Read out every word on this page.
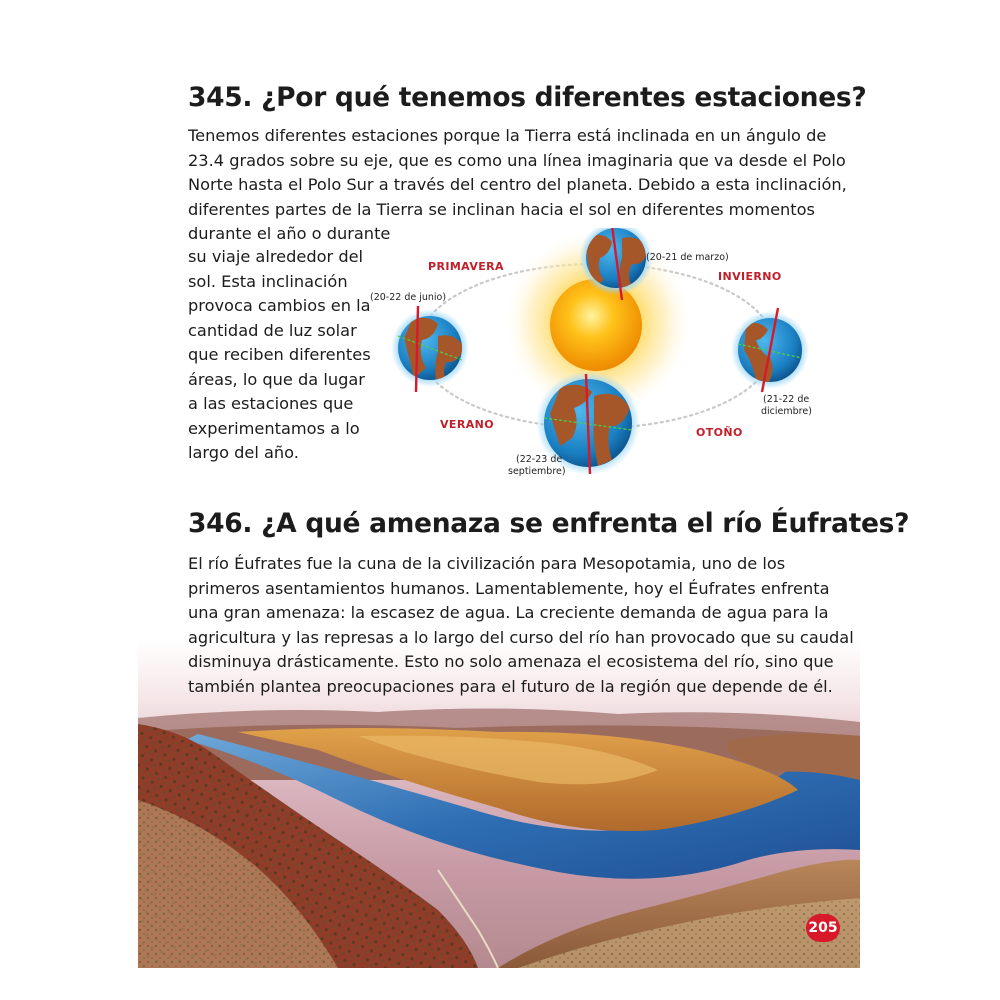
345. ¿Por qué tenemos diferentes estaciones?

Tenemos diferentes estaciones porque la Tierra está inclinada en un ángulo de
23.4 grados sobre su eje, que es como una línea imaginaria que va desde el Polo
Norte hasta el Polo Sur a través del centro del planeta. Debido a esta inclinación,
diferentes partes de la Tierra se inclinan hacia el sol en diferentes momentos
durante el año o durante

su viaje alrededor del
sol. Esta inclinación
provoca cambios en la
cantidad de luz solar
que reciben diferentes
áreas, lo que da lugar
a las estaciones que
experimentamos a lo
largo del año.

PRIMAVERA
INVIERNO
VERANO
OTOÑO
(20-21 de marzo)
(20-22 de junio)
(21-22 de
diciembre)
(22-23 de
septiembre)
346. ¿A qué amenaza se enfrenta el río Éufrates?

El río Éufrates fue la cuna de la civilización para Mesopotamia, uno de los
primeros asentamientos humanos. Lamentablemente, hoy el Éufrates enfrenta
una gran amenaza: la escasez de agua. La creciente demanda de agua para la
agricultura y las represas a lo largo del curso del río han provocado que su caudal
disminuya drásticamente. Esto no solo amenaza el ecosistema del río, sino que
también plantea preocupaciones para el futuro de la región que depende de él.

205
